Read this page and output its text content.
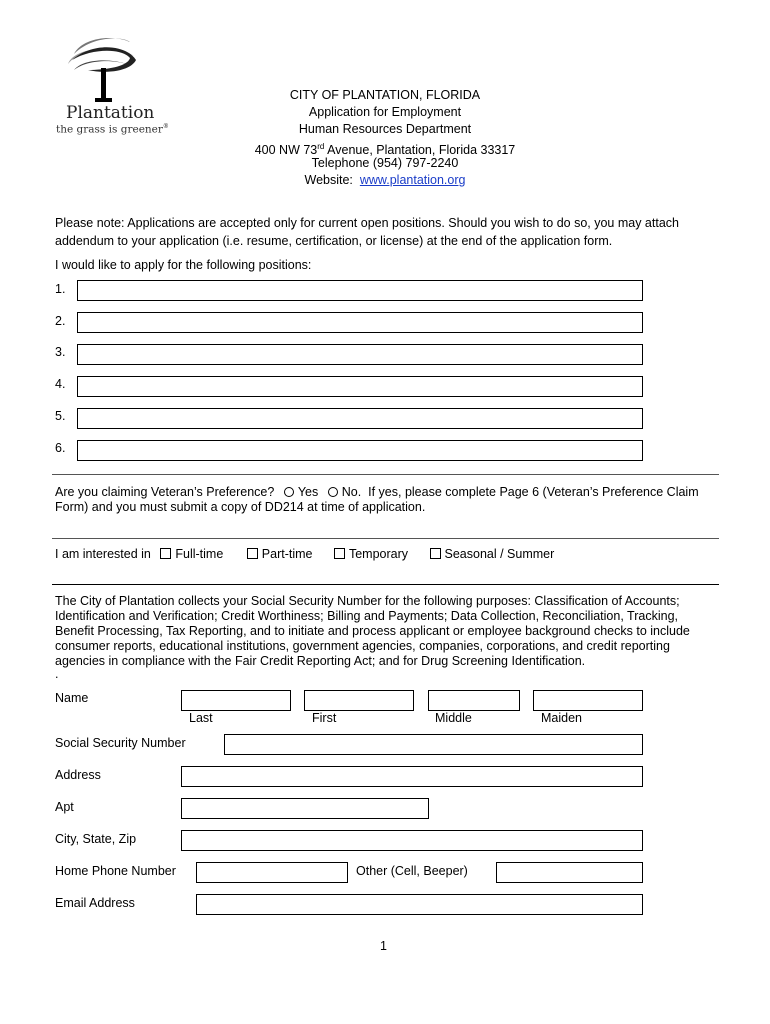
Plantation
the grass is greener®
CITY OF PLANTATION, FLORIDA
Application for Employment
Human Resources Department
400 NW 73rd Avenue, Plantation, Florida 33317
Telephone (954) 797-2240
Website: www.plantation.org
Please note: Applications are accepted only for current open positions. Should you wish to do so, you may attach
addendum to your application (i.e. resume, certification, or license) at the end of the application form.
I would like to apply for the following positions:
1.
2.
3.
4.
5.
6.
Are you claiming Veteran’s Preference? Yes No. If yes, please complete Page 6 (Veteran’s Preference Claim
Form) and you must submit a copy of DD214 at time of application.
I am interested in Full-time	Part-time	Temporary	Seasonal / Summer
The City of Plantation collects your Social Security Number for the following purposes: Classification of Accounts;
Identification and Verification; Credit Worthiness; Billing and Payments; Data Collection, Reconciliation, Tracking,
Benefit Processing, Tax Reporting, and to initiate and process applicant or employee background checks to include
consumer reports, educational institutions, government agencies, companies, corporations, and credit reporting
agencies in compliance with the Fair Credit Reporting Act; and for Drug Screening Identification.
.
Name
Last	First	Middle	Maiden
Social Security Number
Address
Apt
City, State, Zip
Home Phone Number	Other (Cell, Beeper)
Email Address
1
